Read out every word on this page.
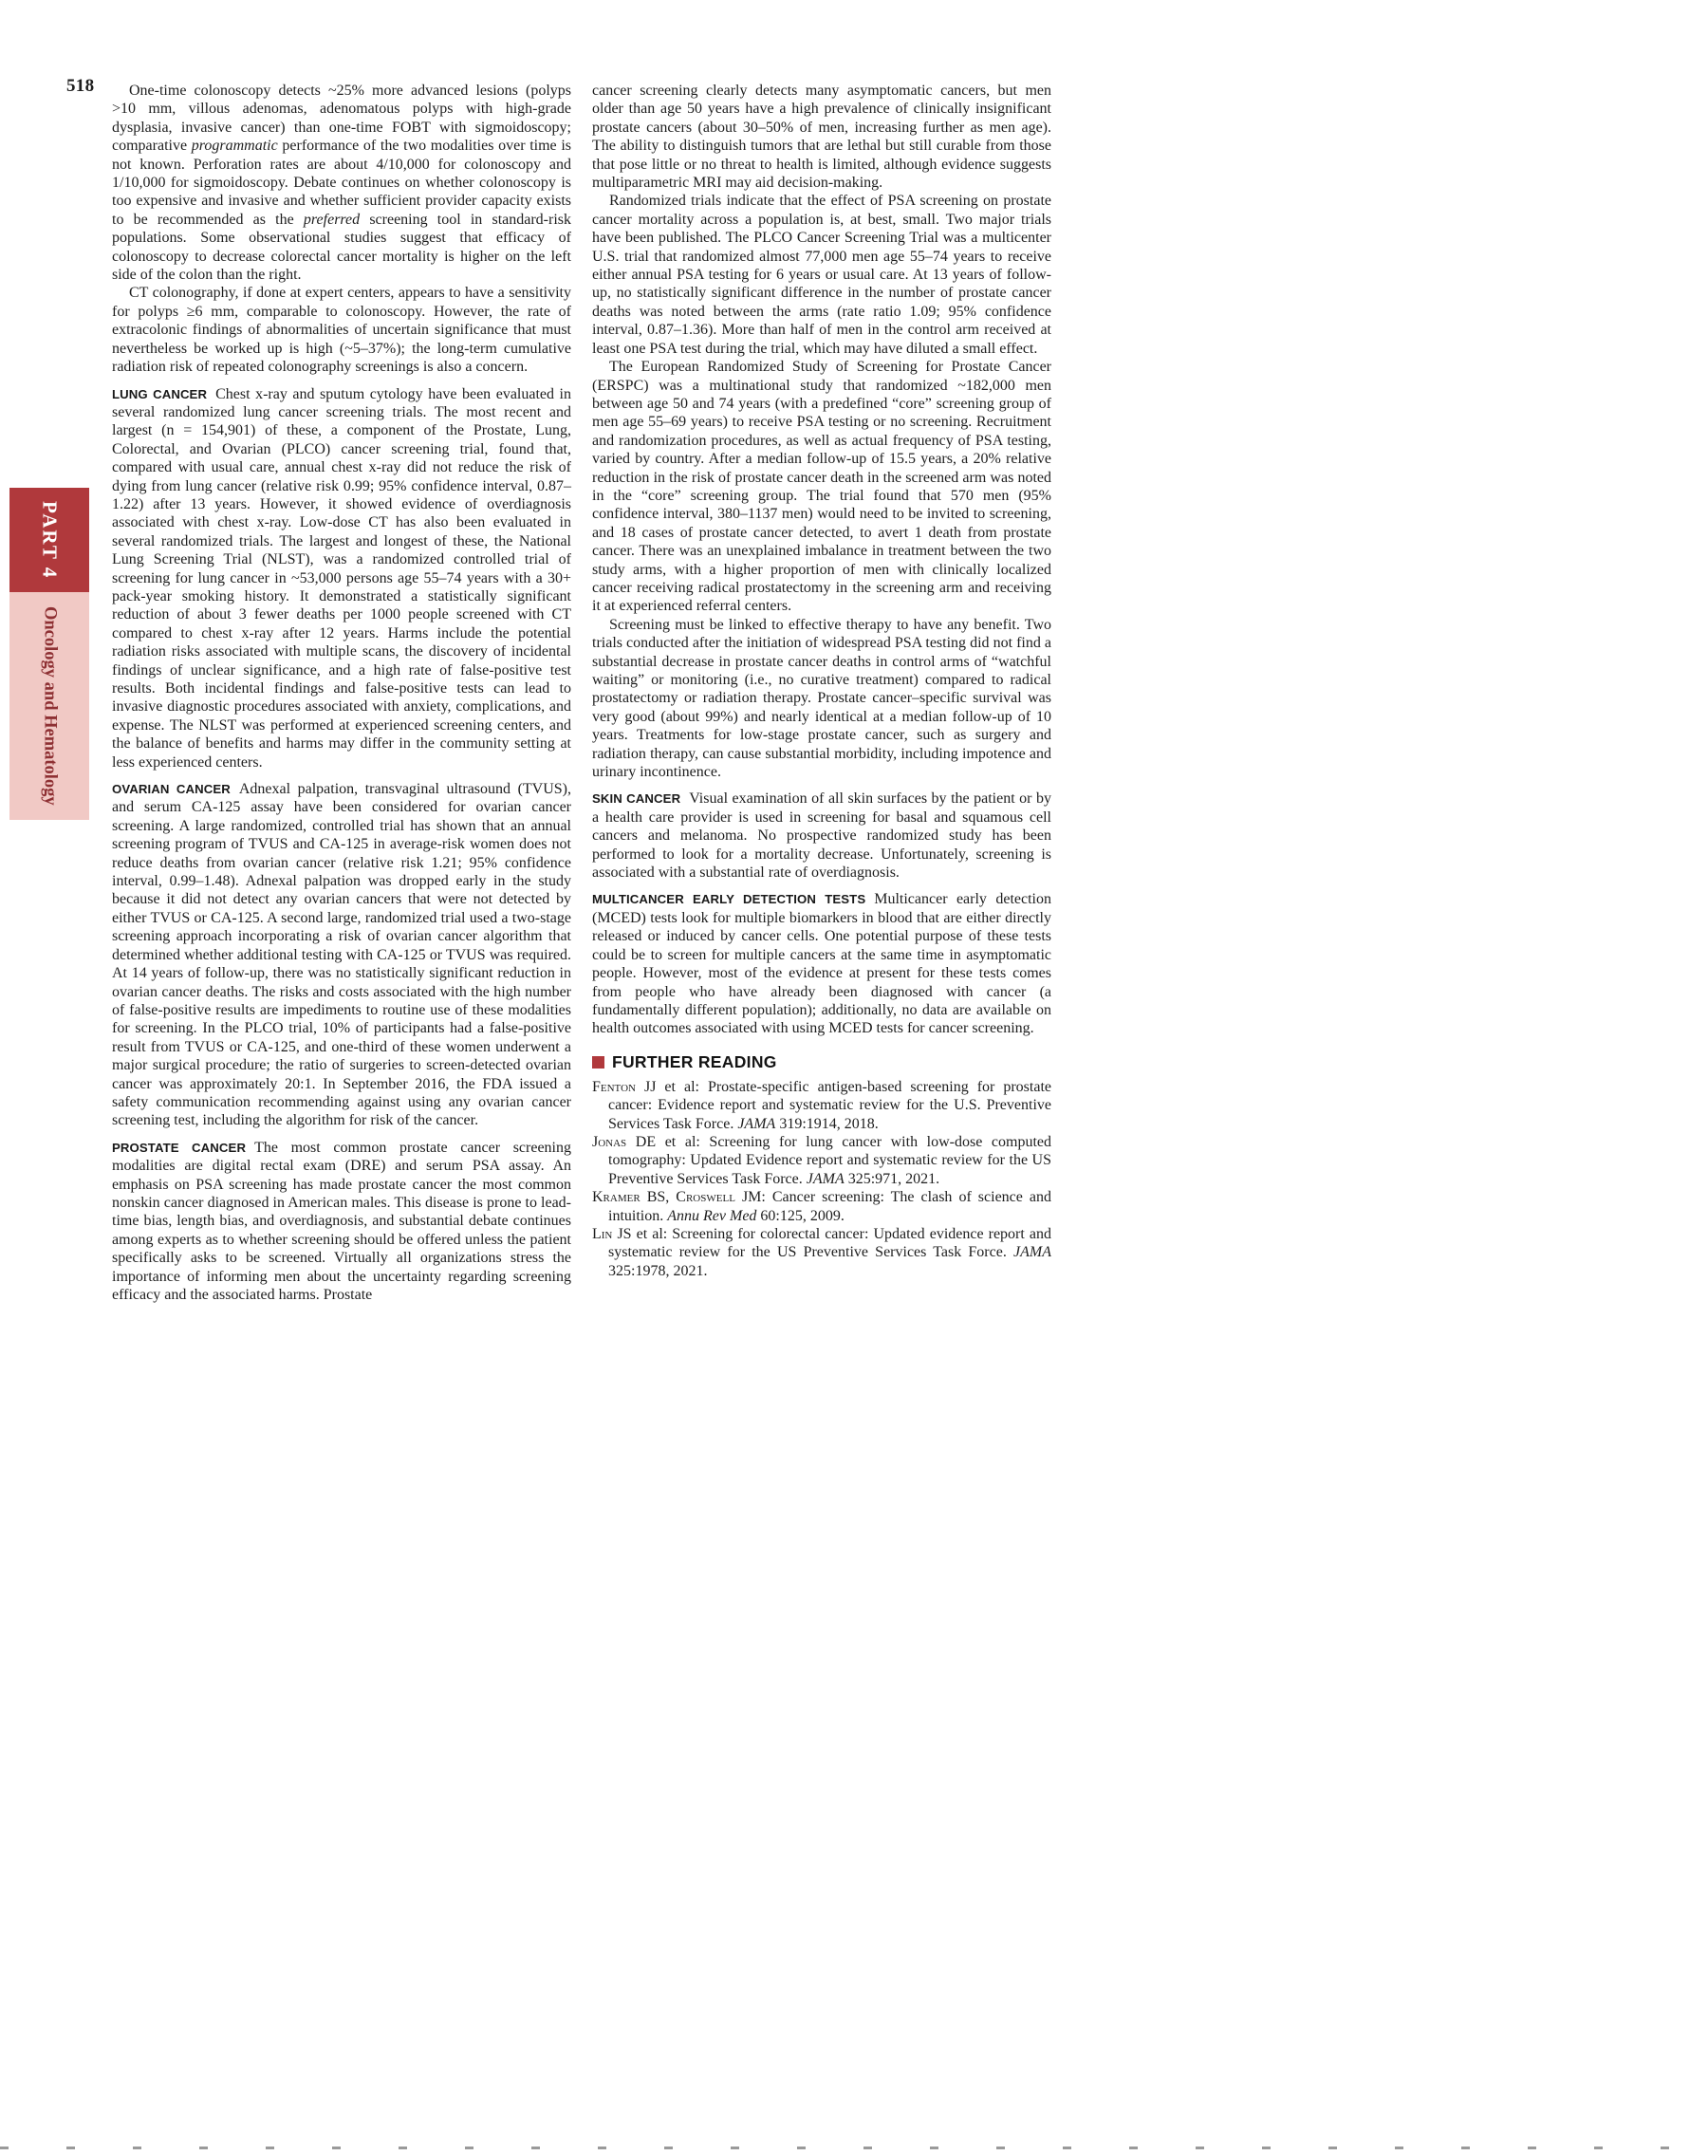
518
PART 4
Oncology and Hematology

One-time colonoscopy detects ~25% more advanced lesions (polyps >10 mm, villous adenomas, adenomatous polyps with high-grade dysplasia, invasive cancer) than one-time FOBT with sigmoidoscopy; comparative programmatic performance of the two modalities over time is not known. Perforation rates are about 4/10,000 for colonoscopy and 1/10,000 for sigmoidoscopy. Debate continues on whether colonoscopy is too expensive and invasive and whether sufficient provider capacity exists to be recommended as the preferred screening tool in standard-risk populations. Some observational studies suggest that efficacy of colonoscopy to decrease colorectal cancer mortality is higher on the left side of the colon than the right.

CT colonography, if done at expert centers, appears to have a sensitivity for polyps ≥6 mm, comparable to colonoscopy. However, the rate of extracolonic findings of abnormalities of uncertain significance that must nevertheless be worked up is high (~5–37%); the long-term cumulative radiation risk of repeated colonography screenings is also a concern.

LUNG CANCER Chest x-ray and sputum cytology have been evaluated in several randomized lung cancer screening trials. The most recent and largest (n = 154,901) of these, a component of the Prostate, Lung, Colorectal, and Ovarian (PLCO) cancer screening trial, found that, compared with usual care, annual chest x-ray did not reduce the risk of dying from lung cancer (relative risk 0.99; 95% confidence interval, 0.87–1.22) after 13 years. However, it showed evidence of overdiagnosis associated with chest x-ray. Low-dose CT has also been evaluated in several randomized trials. The largest and longest of these, the National Lung Screening Trial (NLST), was a randomized controlled trial of screening for lung cancer in ~53,000 persons age 55–74 years with a 30+ pack-year smoking history. It demonstrated a statistically significant reduction of about 3 fewer deaths per 1000 people screened with CT compared to chest x-ray after 12 years. Harms include the potential radiation risks associated with multiple scans, the discovery of incidental findings of unclear significance, and a high rate of false-positive test results. Both incidental findings and false-positive tests can lead to invasive diagnostic procedures associated with anxiety, complications, and expense. The NLST was performed at experienced screening centers, and the balance of benefits and harms may differ in the community setting at less experienced centers.

OVARIAN CANCER Adnexal palpation, transvaginal ultrasound (TVUS), and serum CA-125 assay have been considered for ovarian cancer screening. A large randomized, controlled trial has shown that an annual screening program of TVUS and CA-125 in average-risk women does not reduce deaths from ovarian cancer (relative risk 1.21; 95% confidence interval, 0.99–1.48). Adnexal palpation was dropped early in the study because it did not detect any ovarian cancers that were not detected by either TVUS or CA-125. A second large, randomized trial used a two-stage screening approach incorporating a risk of ovarian cancer algorithm that determined whether additional testing with CA-125 or TVUS was required. At 14 years of follow-up, there was no statistically significant reduction in ovarian cancer deaths. The risks and costs associated with the high number of false-positive results are impediments to routine use of these modalities for screening. In the PLCO trial, 10% of participants had a false-positive result from TVUS or CA-125, and one-third of these women underwent a major surgical procedure; the ratio of surgeries to screen-detected ovarian cancer was approximately 20:1. In September 2016, the FDA issued a safety communication recommending against using any ovarian cancer screening test, including the algorithm for risk of the cancer.

PROSTATE CANCER The most common prostate cancer screening modalities are digital rectal exam (DRE) and serum PSA assay. An emphasis on PSA screening has made prostate cancer the most common nonskin cancer diagnosed in American males. This disease is prone to lead-time bias, length bias, and overdiagnosis, and substantial debate continues among experts as to whether screening should be offered unless the patient specifically asks to be screened. Virtually all organizations stress the importance of informing men about the uncertainty regarding screening efficacy and the associated harms. Prostate

cancer screening clearly detects many asymptomatic cancers, but men older than age 50 years have a high prevalence of clinically insignificant prostate cancers (about 30–50% of men, increasing further as men age). The ability to distinguish tumors that are lethal but still curable from those that pose little or no threat to health is limited, although evidence suggests multiparametric MRI may aid decision-making.

Randomized trials indicate that the effect of PSA screening on prostate cancer mortality across a population is, at best, small. Two major trials have been published. The PLCO Cancer Screening Trial was a multicenter U.S. trial that randomized almost 77,000 men age 55–74 years to receive either annual PSA testing for 6 years or usual care. At 13 years of follow-up, no statistically significant difference in the number of prostate cancer deaths was noted between the arms (rate ratio 1.09; 95% confidence interval, 0.87–1.36). More than half of men in the control arm received at least one PSA test during the trial, which may have diluted a small effect.

The European Randomized Study of Screening for Prostate Cancer (ERSPC) was a multinational study that randomized ~182,000 men between age 50 and 74 years (with a predefined “core” screening group of men age 55–69 years) to receive PSA testing or no screening. Recruitment and randomization procedures, as well as actual frequency of PSA testing, varied by country. After a median follow-up of 15.5 years, a 20% relative reduction in the risk of prostate cancer death in the screened arm was noted in the “core” screening group. The trial found that 570 men (95% confidence interval, 380–1137 men) would need to be invited to screening, and 18 cases of prostate cancer detected, to avert 1 death from prostate cancer. There was an unexplained imbalance in treatment between the two study arms, with a higher proportion of men with clinically localized cancer receiving radical prostatectomy in the screening arm and receiving it at experienced referral centers.

Screening must be linked to effective therapy to have any benefit. Two trials conducted after the initiation of widespread PSA testing did not find a substantial decrease in prostate cancer deaths in control arms of “watchful waiting” or monitoring (i.e., no curative treatment) compared to radical prostatectomy or radiation therapy. Prostate cancer–specific survival was very good (about 99%) and nearly identical at a median follow-up of 10 years. Treatments for low-stage prostate cancer, such as surgery and radiation therapy, can cause substantial morbidity, including impotence and urinary incontinence.

SKIN CANCER Visual examination of all skin surfaces by the patient or by a health care provider is used in screening for basal and squamous cell cancers and melanoma. No prospective randomized study has been performed to look for a mortality decrease. Unfortunately, screening is associated with a substantial rate of overdiagnosis.

MULTICANCER EARLY DETECTION TESTS Multicancer early detection (MCED) tests look for multiple biomarkers in blood that are either directly released or induced by cancer cells. One potential purpose of these tests could be to screen for multiple cancers at the same time in asymptomatic people. However, most of the evidence at present for these tests comes from people who have already been diagnosed with cancer (a fundamentally different population); additionally, no data are available on health outcomes associated with using MCED tests for cancer screening.

FURTHER READING

Fenton JJ et al: Prostate-specific antigen-based screening for prostate cancer: Evidence report and systematic review for the U.S. Preventive Services Task Force. JAMA 319:1914, 2018.

Jonas DE et al: Screening for lung cancer with low-dose computed tomography: Updated Evidence report and systematic review for the US Preventive Services Task Force. JAMA 325:971, 2021.

Kramer BS, Croswell JM: Cancer screening: The clash of science and intuition. Annu Rev Med 60:125, 2009.

Lin JS et al: Screening for colorectal cancer: Updated evidence report and systematic review for the US Preventive Services Task Force. JAMA 325:1978, 2021.
